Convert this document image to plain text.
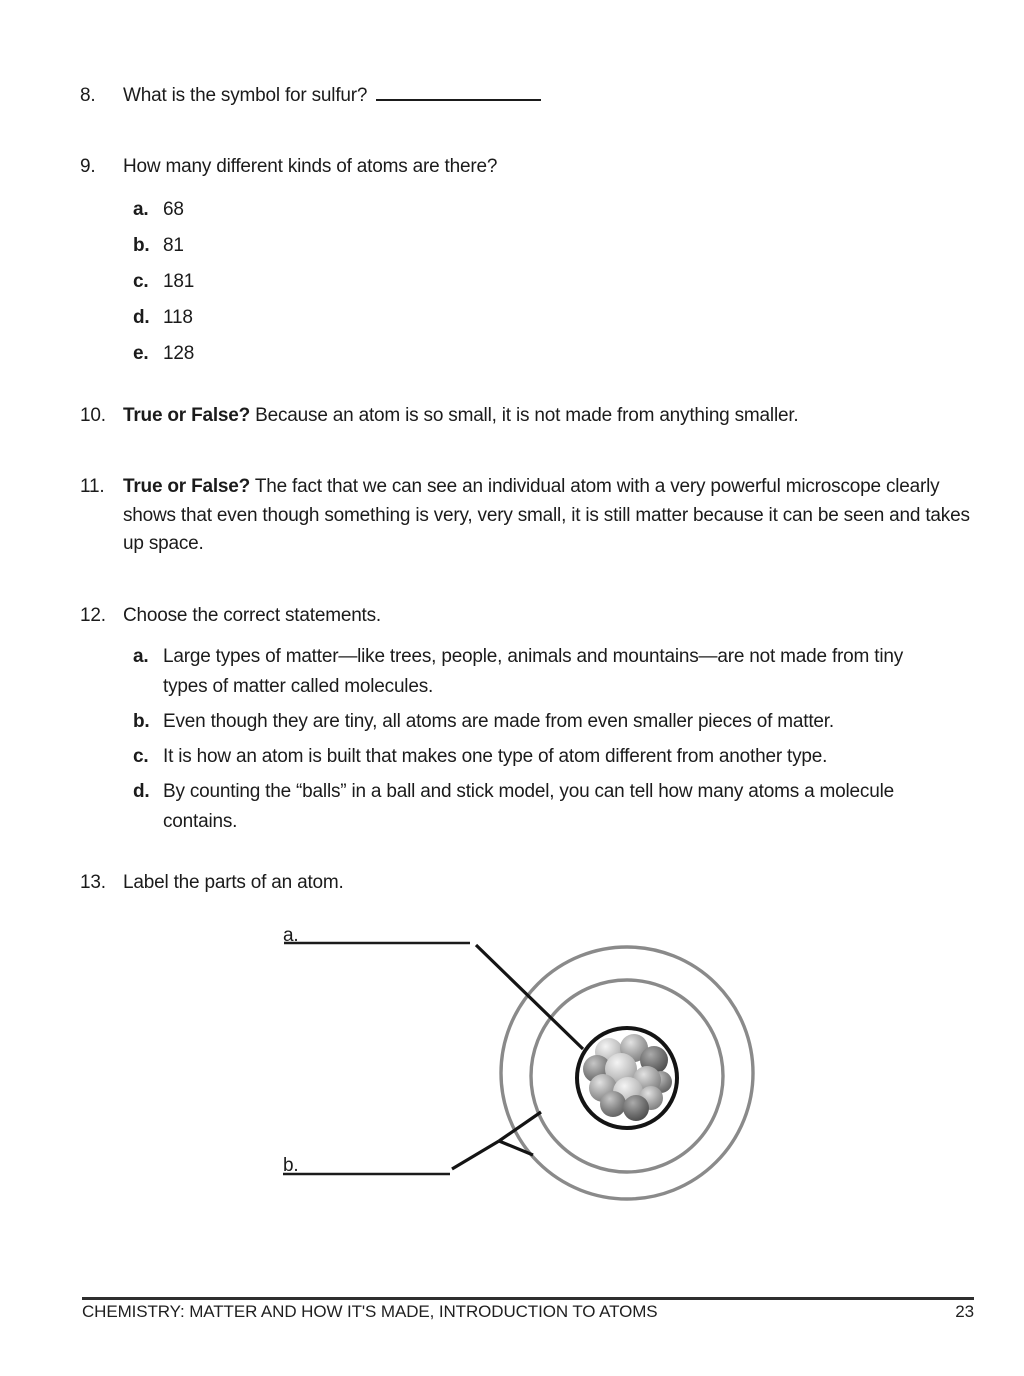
8.	What is the symbol for sulfur?
9.	How many different kinds of atoms are there?
a. 68
b. 81
c. 181
d. 118
e. 128
10. True or False? Because an atom is so small, it is not made from anything smaller.
11. True or False? The fact that we can see an individual atom with a very powerful microscope clearly shows that even though something is very, very small, it is still matter because it can be seen and takes up space.
12. Choose the correct statements.
a. Large types of matter—like trees, people, animals and mountains—are not made from tiny types of matter called molecules.
b. Even though they are tiny, all atoms are made from even smaller pieces of matter.
c. It is how an atom is built that makes one type of atom different from another type.
d. By counting the “balls” in a ball and stick model, you can tell how many atoms a molecule contains.
13. Label the parts of an atom.
a.
b.
CHEMISTRY: MATTER AND HOW IT'S MADE, INTRODUCTION TO ATOMS	23
